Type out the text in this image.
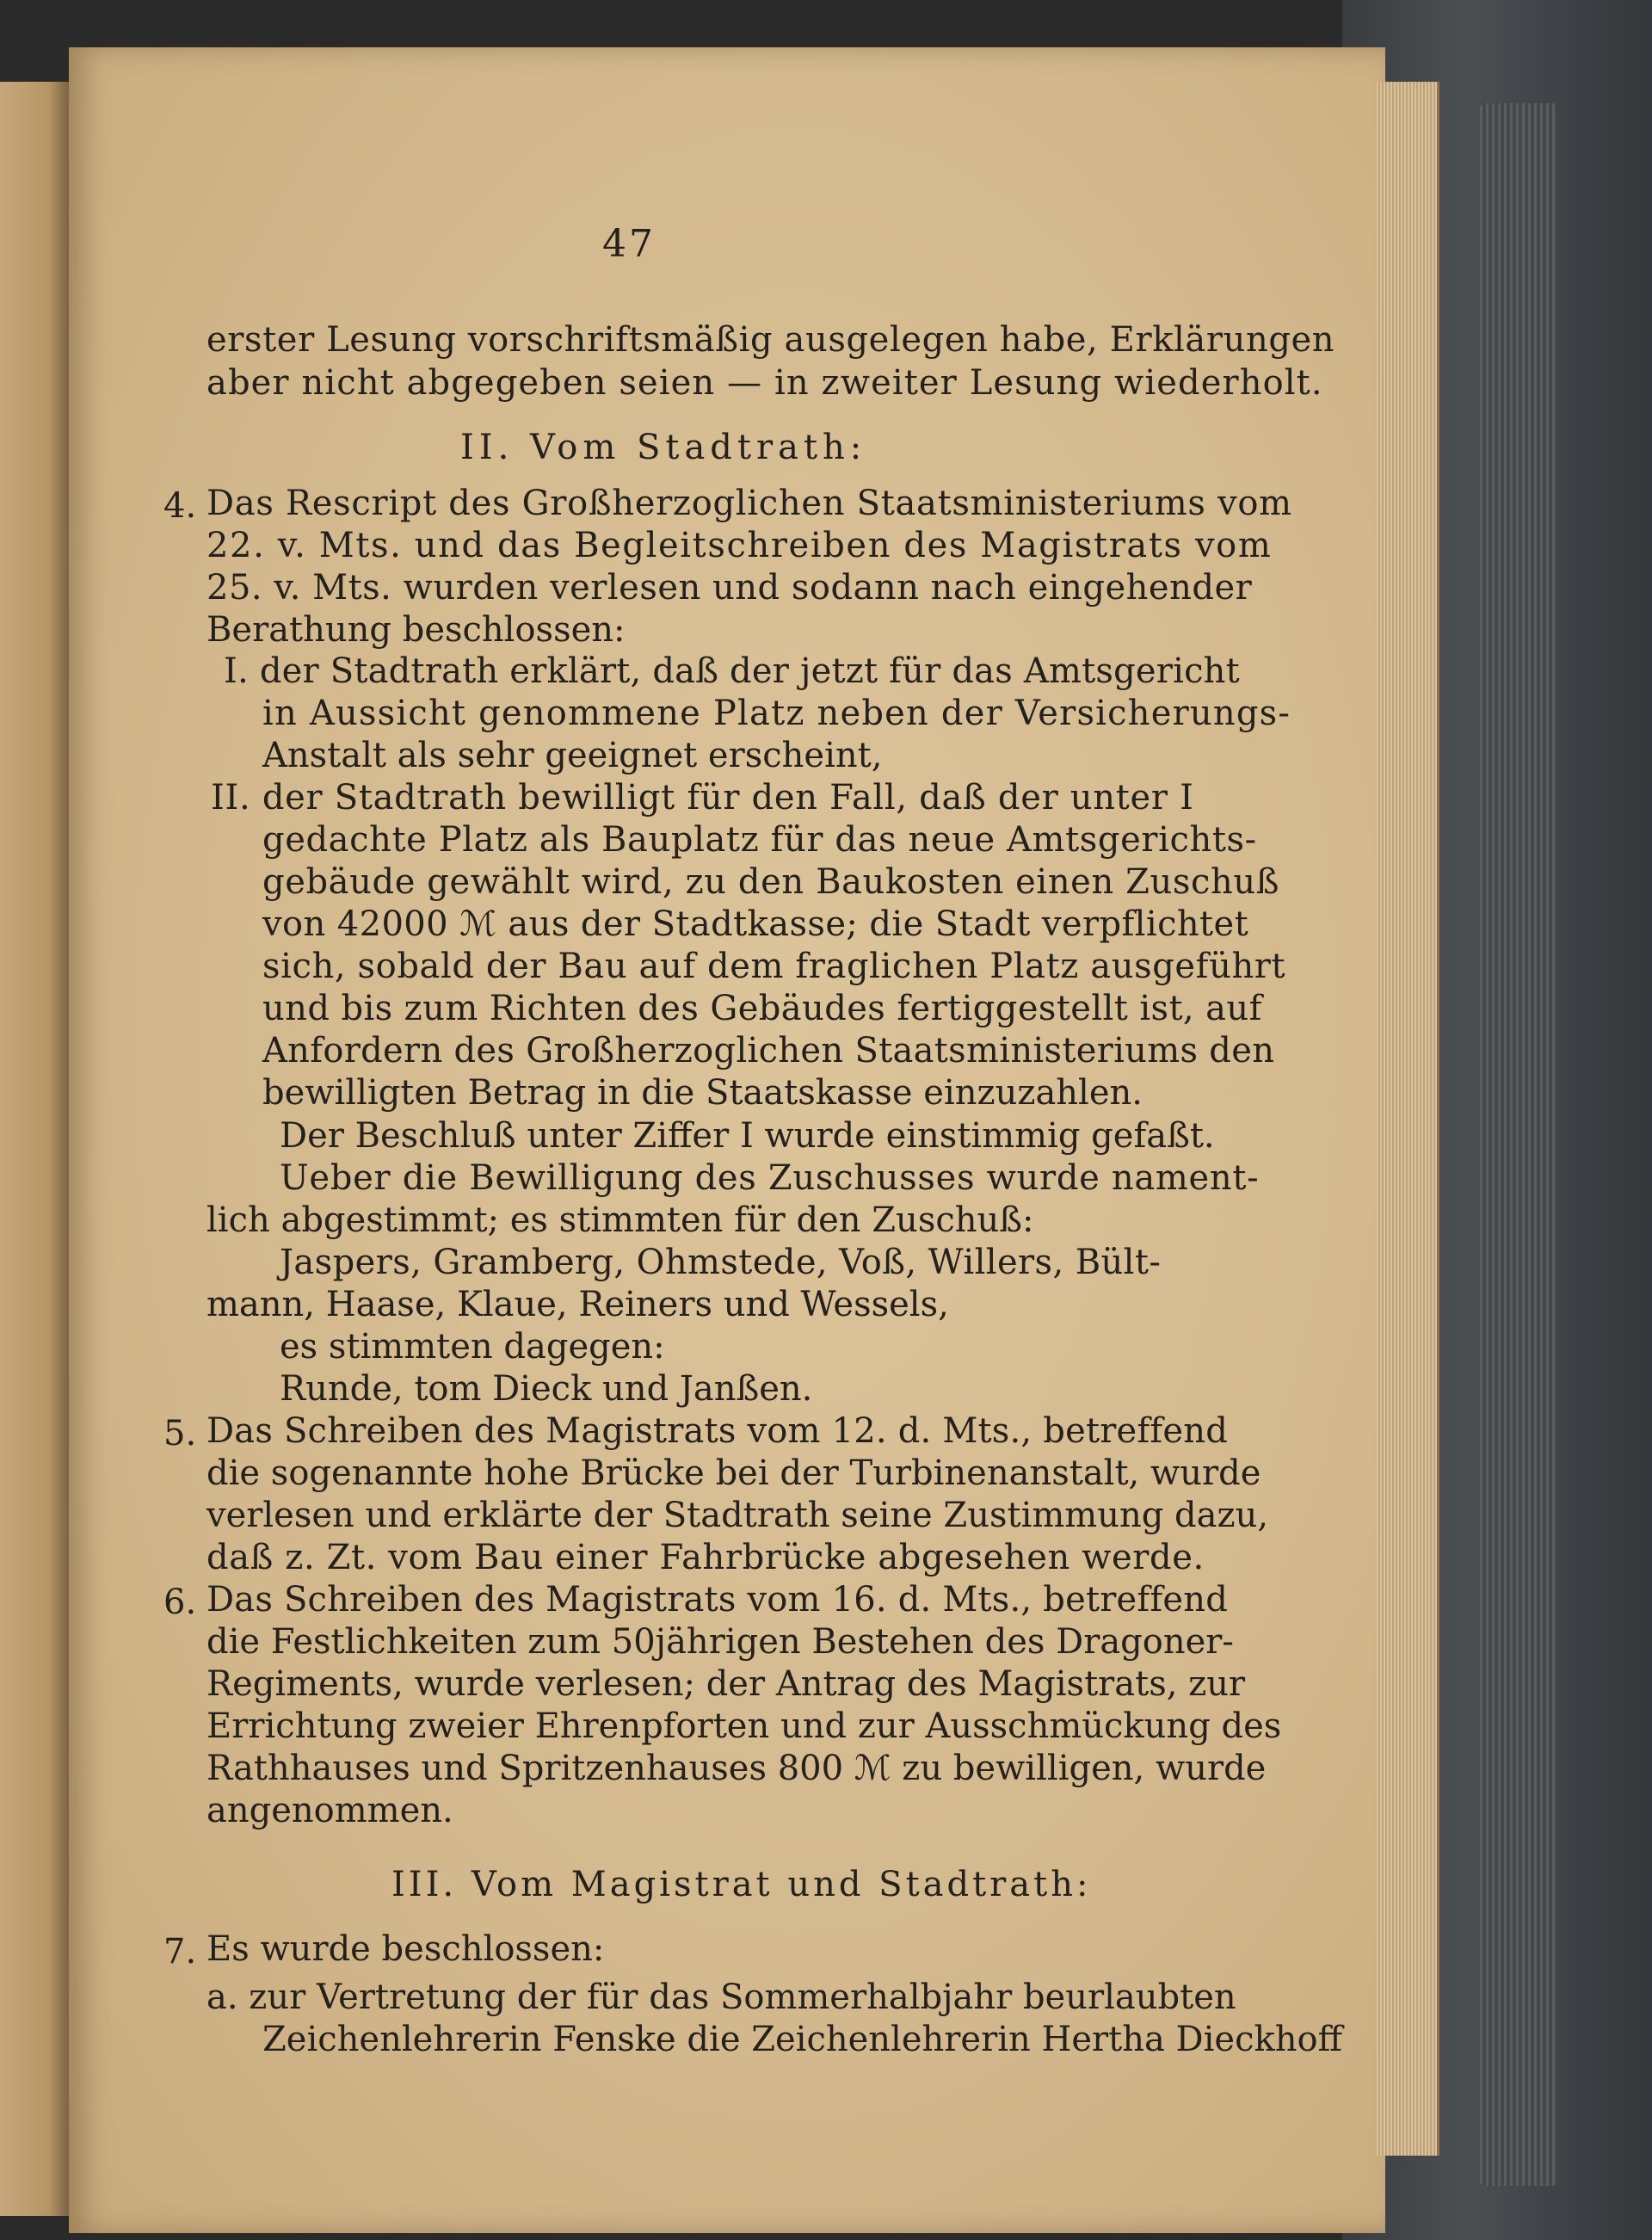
47
erster Lesung vorschriftsmäßig ausgelegen habe, Erklärungen
aber nicht abgegeben seien — in zweiter Lesung wiederholt.
II. Vom Stadtrath:
4. Das Rescript des Großherzoglichen Staatsministeriums vom
22. v. Mts. und das Begleitschreiben des Magistrats vom
25. v. Mts. wurden verlesen und sodann nach eingehender
Berathung beschlossen:
I. der Stadtrath erklärt, daß der jetzt für das Amtsgericht
in Aussicht genommene Platz neben der Versicherungs-
Anstalt als sehr geeignet erscheint,
II. der Stadtrath bewilligt für den Fall, daß der unter I
gedachte Platz als Bauplatz für das neue Amtsgerichts-
gebäude gewählt wird, zu den Baukosten einen Zuschuß
von 42000 ℳ aus der Stadtkasse; die Stadt verpflichtet
sich, sobald der Bau auf dem fraglichen Platz ausgeführt
und bis zum Richten des Gebäudes fertiggestellt ist, auf
Anfordern des Großherzoglichen Staatsministeriums den
bewilligten Betrag in die Staatskasse einzuzahlen.
Der Beschluß unter Ziffer I wurde einstimmig gefaßt.
Ueber die Bewilligung des Zuschusses wurde nament-
lich abgestimmt; es stimmten für den Zuschuß:
Jaspers, Gramberg, Ohmstede, Voß, Willers, Bült-
mann, Haase, Klaue, Reiners und Wessels,
es stimmten dagegen:
Runde, tom Dieck und Janßen.
5. Das Schreiben des Magistrats vom 12. d. Mts., betreffend
die sogenannte hohe Brücke bei der Turbinenanstalt, wurde
verlesen und erklärte der Stadtrath seine Zustimmung dazu,
daß z. Zt. vom Bau einer Fahrbrücke abgesehen werde.
6. Das Schreiben des Magistrats vom 16. d. Mts., betreffend
die Festlichkeiten zum 50jährigen Bestehen des Dragoner-
Regiments, wurde verlesen; der Antrag des Magistrats, zur
Errichtung zweier Ehrenpforten und zur Ausschmückung des
Rathhauses und Spritzenhauses 800 ℳ zu bewilligen, wurde
angenommen.
III. Vom Magistrat und Stadtrath:
7. Es wurde beschlossen:
a. zur Vertretung der für das Sommerhalbjahr beurlaubten
Zeichenlehrerin Fenske die Zeichenlehrerin Hertha Dieckhoff
